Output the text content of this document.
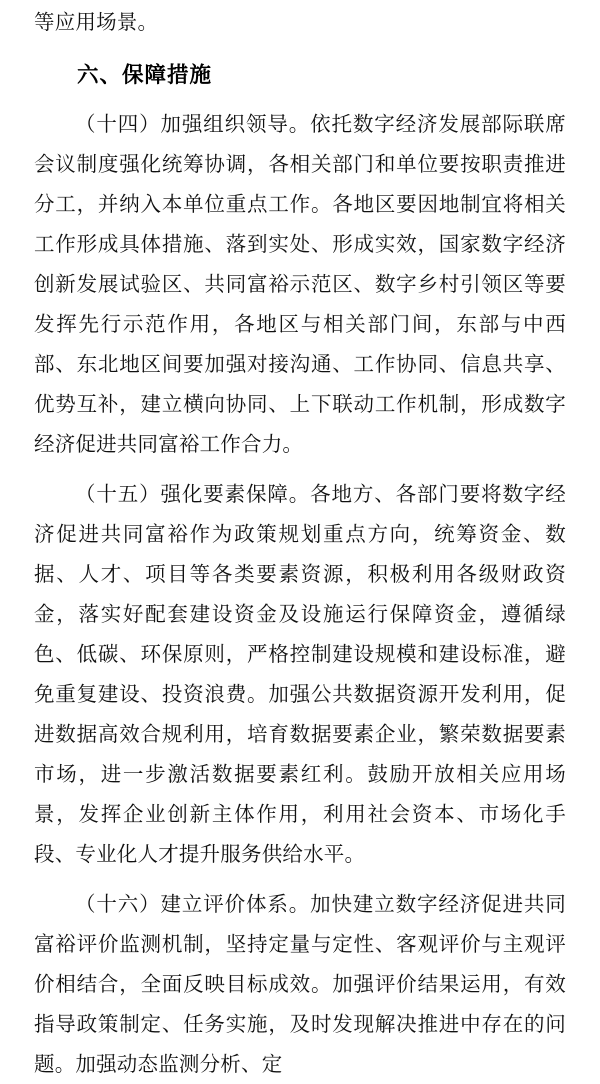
等应用场景。

六、保障措施

（十四）加强组织领导。依托数字经济发展部际联席会议制度强化统筹协调，各相关部门和单位要按职责推进分工，并纳入本单位重点工作。各地区要因地制宜将相关工作形成具体措施、落到实处、形成实效，国家数字经济创新发展试验区、共同富裕示范区、数字乡村引领区等要发挥先行示范作用，各地区与相关部门间，东部与中西部、东北地区间要加强对接沟通、工作协同、信息共享、优势互补，建立横向协同、上下联动工作机制，形成数字经济促进共同富裕工作合力。

（十五）强化要素保障。各地方、各部门要将数字经济促进共同富裕作为政策规划重点方向，统筹资金、数据、人才、项目等各类要素资源，积极利用各级财政资金，落实好配套建设资金及设施运行保障资金，遵循绿色、低碳、环保原则，严格控制建设规模和建设标准，避免重复建设、投资浪费。加强公共数据资源开发利用，促进数据高效合规利用，培育数据要素企业，繁荣数据要素市场，进一步激活数据要素红利。鼓励开放相关应用场景，发挥企业创新主体作用，利用社会资本、市场化手段、专业化人才提升服务供给水平。

（十六）建立评价体系。加快建立数字经济促进共同富裕评价监测机制，坚持定量与定性、客观评价与主观评价相结合，全面反映目标成效。加强评价结果运用，有效指导政策制定、任务实施，及时发现解决推进中存在的问题。加强动态监测分析、定
